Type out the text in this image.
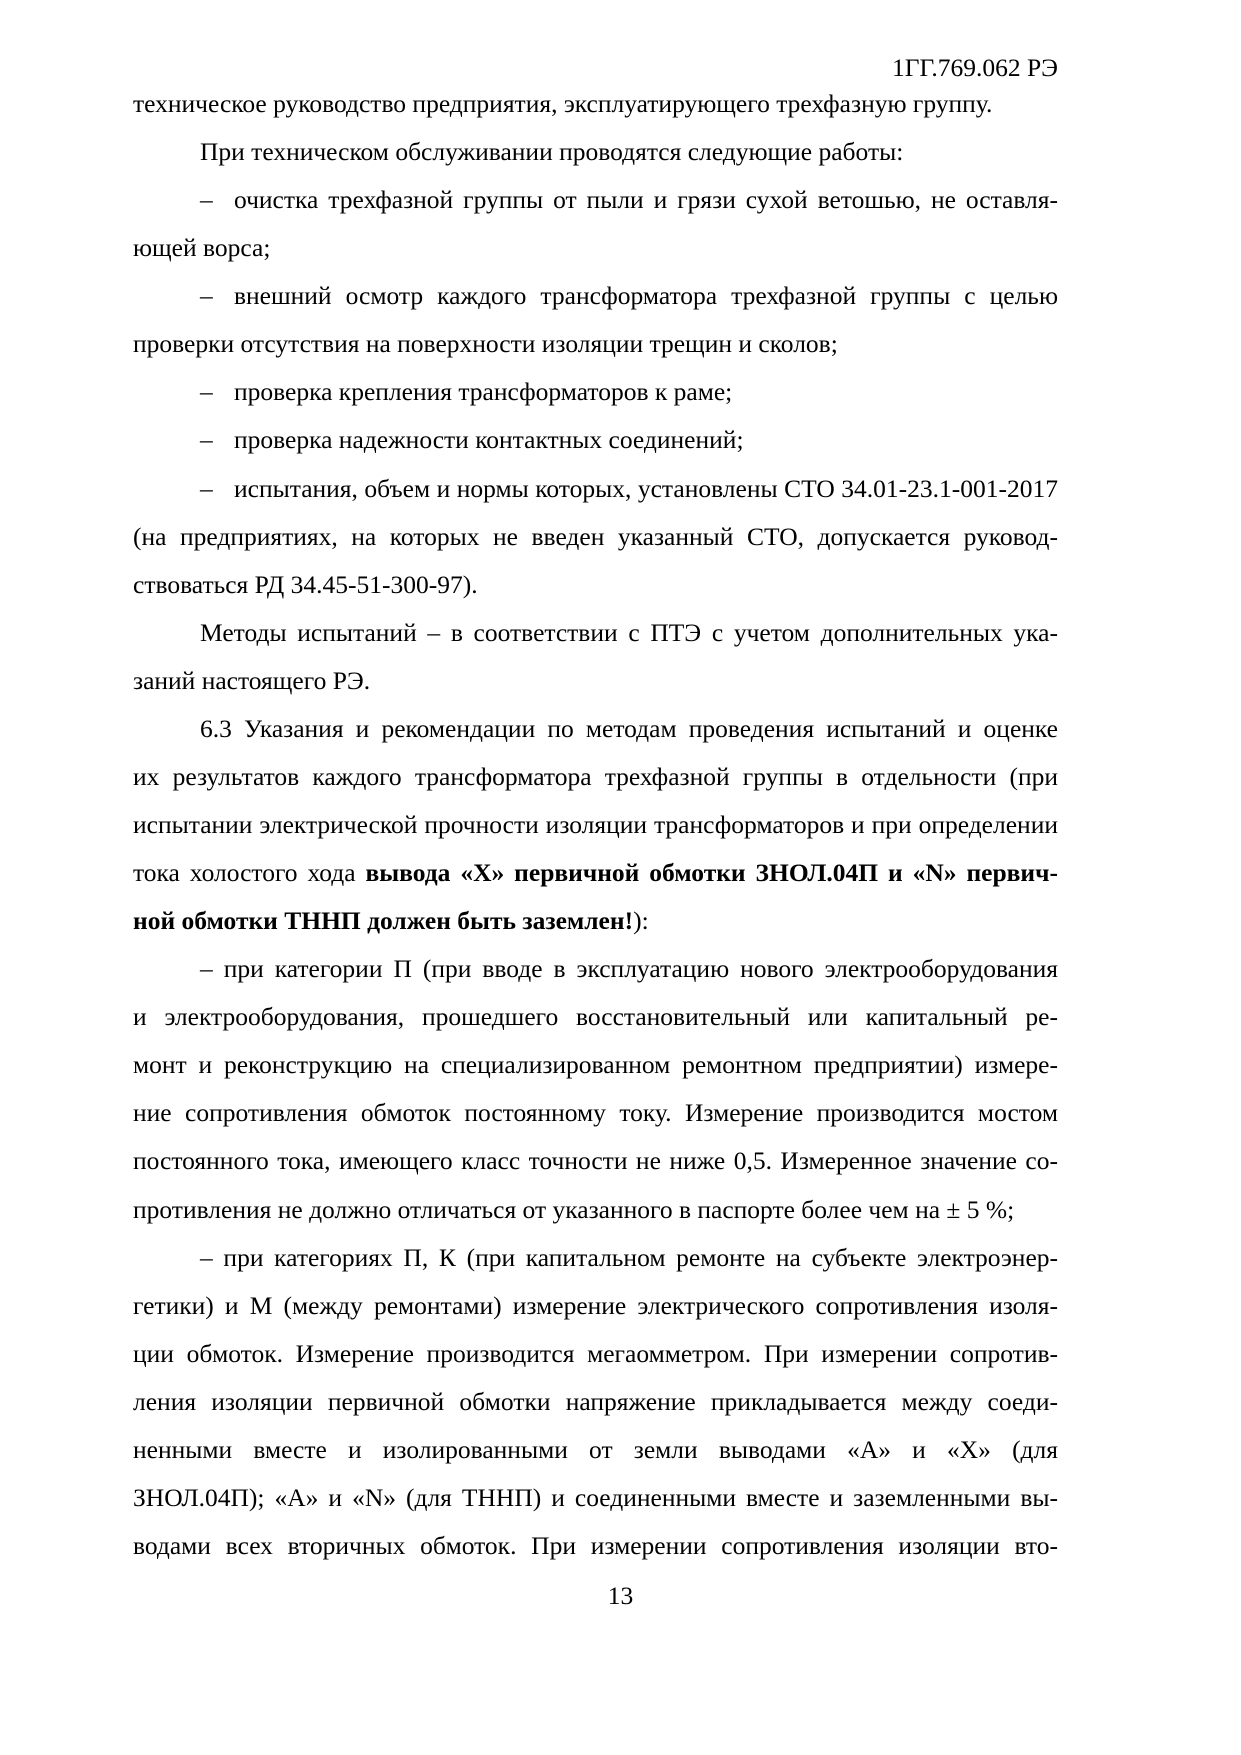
1ГГ.769.062 РЭ
техническое руководство предприятия, эксплуатирующего трехфазную группу.
При техническом обслуживании проводятся следующие работы:
– очистка трехфазной группы от пыли и грязи сухой ветошью, не оставля-
ющей ворса;
– внешний осмотр каждого трансформатора трехфазной группы с целью
проверки отсутствия на поверхности изоляции трещин и сколов;
– проверка крепления трансформаторов к раме;
– проверка надежности контактных соединений;
– испытания, объем и нормы которых, установлены СТО 34.01-23.1-001-2017
(на предприятиях, на которых не введен указанный СТО, допускается руковод-
ствоваться РД 34.45-51-300-97).
Методы испытаний – в соответствии с ПТЭ с учетом дополнительных ука-
заний настоящего РЭ.
6.3 Указания и рекомендации по методам проведения испытаний и оценке
их результатов каждого трансформатора трехфазной группы в отдельности (при
испытании электрической прочности изоляции трансформаторов и при определении
тока холостого хода вывода «X» первичной обмотки ЗНОЛ.04П и «N» первич-
ной обмотки ТННП должен быть заземлен!):
– при категории П (при вводе в эксплуатацию нового электрооборудования
и электрооборудования, прошедшего восстановительный или капитальный ре-
монт и реконструкцию на специализированном ремонтном предприятии) измере-
ние сопротивления обмоток постоянному току. Измерение производится мостом
постоянного тока, имеющего класс точности не ниже 0,5. Измеренное значение со-
противления не должно отличаться от указанного в паспорте более чем на ± 5 %;
– при категориях П, К (при капитальном ремонте на субъекте электроэнер-
гетики) и М (между ремонтами) измерение электрического сопротивления изоля-
ции обмоток. Измерение производится мегаомметром. При измерении сопротив-
ления изоляции первичной обмотки напряжение прикладывается между соеди-
ненными вместе и изолированными от земли выводами «А» и «X» (для
ЗНОЛ.04П); «А» и «N» (для ТННП) и соединенными вместе и заземленными вы-
водами всех вторичных обмоток. При измерении сопротивления изоляции вто-
13
